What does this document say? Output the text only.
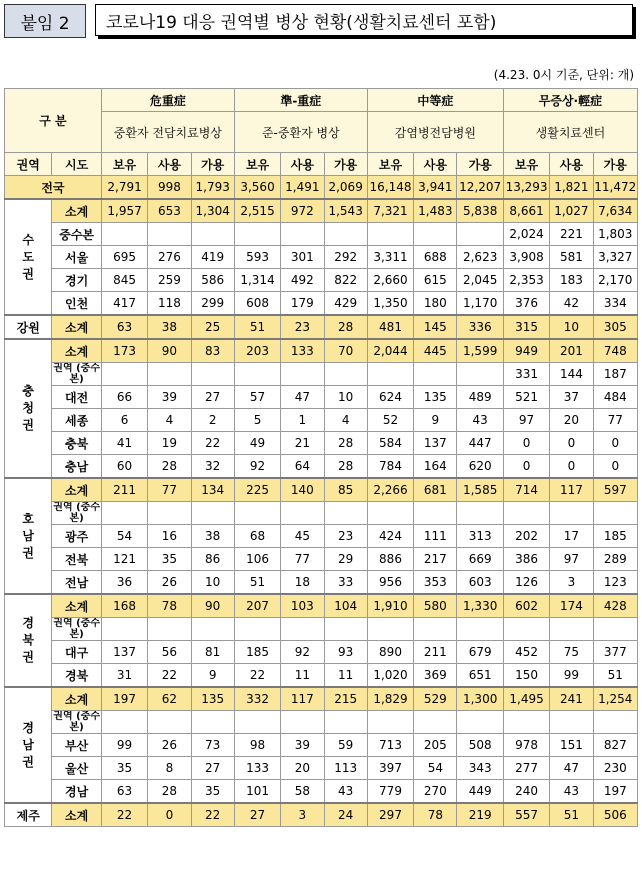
붙임 2	코로나19 대응 권역별 병상 현황(생활치료센터 포함)
(4.23. 0시 기준, 단위: 개)
구 분		危重症			準-重症			中等症			무증상·輕症		
		중환자 전담치료병상			준-중환자 병상			감염병전담병원			생활치료센터		
권역	시도	보유	사용	가용	보유	사용	가용	보유	사용	가용	보유	사용	가용
전국		2,791	998	1,793	3,560	1,491	2,069	16,148	3,941	12,207	13,293	1,821	11,472
수도권	소계	1,957	653	1,304	2,515	972	1,543	7,321	1,483	5,838	8,661	1,027	7,634
	중수본										2,024	221	1,803
	서울	695	276	419	593	301	292	3,311	688	2,623	3,908	581	3,327
	경기	845	259	586	1,314	492	822	2,660	615	2,045	2,353	183	2,170
	인천	417	118	299	608	179	429	1,350	180	1,170	376	42	334
강원	소계	63	38	25	51	23	28	481	145	336	315	10	305
충청권	소계	173	90	83	203	133	70	2,044	445	1,599	949	201	748
	권역 (중수본)										331	144	187
	대전	66	39	27	57	47	10	624	135	489	521	37	484
	세종	6	4	2	5	1	4	52	9	43	97	20	77
	충북	41	19	22	49	21	28	584	137	447	0	0	0
	충남	60	28	32	92	64	28	784	164	620	0	0	0
호남권	소계	211	77	134	225	140	85	2,266	681	1,585	714	117	597
	권역 (중수본)												
	광주	54	16	38	68	45	23	424	111	313	202	17	185
	전북	121	35	86	106	77	29	886	217	669	386	97	289
	전남	36	26	10	51	18	33	956	353	603	126	3	123
경북권	소계	168	78	90	207	103	104	1,910	580	1,330	602	174	428
	권역 (중수본)												
	대구	137	56	81	185	92	93	890	211	679	452	75	377
	경북	31	22	9	22	11	11	1,020	369	651	150	99	51
경남권	소계	197	62	135	332	117	215	1,829	529	1,300	1,495	241	1,254
	권역 (중수본)												
	부산	99	26	73	98	39	59	713	205	508	978	151	827
	울산	35	8	27	133	20	113	397	54	343	277	47	230
	경남	63	28	35	101	58	43	779	270	449	240	43	197
제주	소계	22	0	22	27	3	24	297	78	219	557	51	506
